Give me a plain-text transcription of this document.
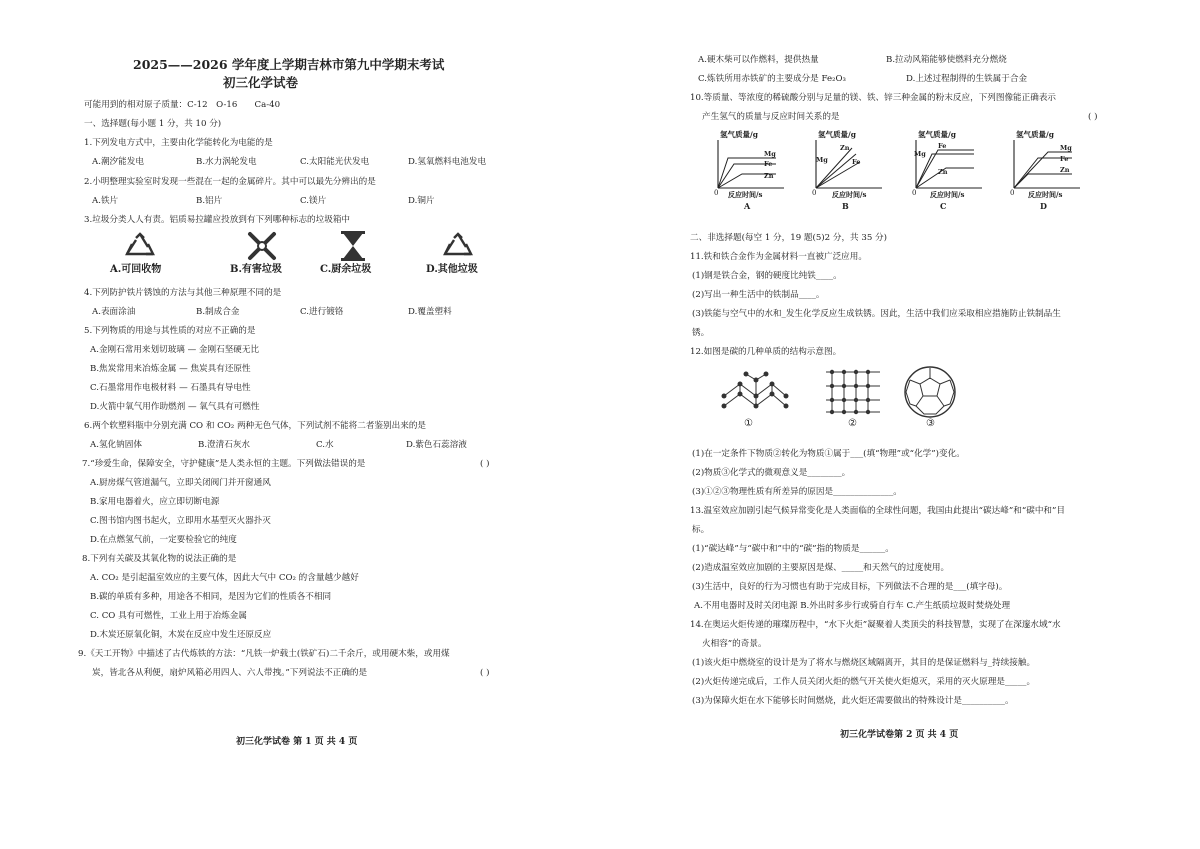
2025——2026 学年度上学期吉林市第九中学期末考试
初三化学试卷
可能用到的相对原子质量：C-12　O-16　　Ca-40
一、选择题(每小题 1 分，共 10 分)
1.下列发电方式中，主要由化学能转化为电能的是
A.潮汐能发电	B.水力涡轮发电	C.太阳能光伏发电	D.氢氧燃料电池发电
2.小明整理实验室时发现一些混在一起的金属碎片。其中可以最先分辨出的是
A.铁片	B.铝片	C.镁片	D.铜片
3.垃圾分类人人有责。铝质易拉罐应投放到有下列哪种标志的垃圾箱中
A.可回收物	B.有害垃圾	C.厨余垃圾	D.其他垃圾
4.下列防护铁片锈蚀的方法与其他三种原理不同的是
A.表面涂油	B.制成合金	C.进行镀铬	D.覆盖塑料
5.下列物质的用途与其性质的对应不正确的是
A.金刚石常用来划切玻璃 — 金刚石坚硬无比
B.焦炭常用来冶炼金属 — 焦炭具有还原性
C.石墨常用作电极材料 — 石墨具有导电性
D.火箭中氧气用作助燃剂 — 氧气具有可燃性
6.两个软塑料瓶中分别充满 CO 和 CO₂ 两种无色气体，下列试剂不能将二者鉴别出来的是
A.氢化钠固体	B.澄清石灰水	C.水	D.紫色石蕊溶液
7.“珍爱生命，保障安全，守护健康”是人类永恒的主题。下列做法错误的是	( )
A.厨房煤气管道漏气，立即关闭阀门并开窗通风
B.家用电器着火，应立即切断电源
C.图书馆内图书起火，立即用水基型灭火器扑灭
D.在点燃氢气前，一定要检验它的纯度
8.下列有关碳及其氧化物的说法正确的是
A. CO₂ 是引起温室效应的主要气体，因此大气中 CO₂ 的含量越少越好
B.碳的单质有多种，用途各不相同，是因为它们的性质各不相同
C. CO 具有可燃性，工业上用于冶炼金属
D.木炭还原氧化铜，木炭在反应中发生还原反应
9.《天工开物》中描述了古代炼铁的方法：“凡铁一炉载土(铁矿石)二千余斤，或用硬木柴，或用煤
炭，皆北各从利便，扇炉风箱必用四人、六人带拽。”下列说法不正确的是	( )
初三化学试卷 第 1 页 共 4 页
A.硬木柴可以作燃料，提供热量	B.拉动风箱能够使燃料充分燃烧
C.炼铁所用赤铁矿的主要成分是 Fe₂O₃	D.上述过程制得的生铁属于合金
10.等质量、等浓度的稀硫酸分别与足量的镁、铁、锌三种金属的粉末反应，下列图像能正确表示
产生氢气的质量与反应时间关系的是	( )
氢气质量/g
0
Mg
Fe
Zn
反应时间/s
A
氢气质量/g
0
Mg
Zn
Fe
反应时间/s
B
氢气质量/g
0
Mg
Fe
Zn
反应时间/s
C
氢气质量/g
0
Mg
Fe
Zn
反应时间/s
D
二、非选择题(每空 1 分，19 题(5)2 分，共 35 分)
11.铁和铁合金作为金属材料一直被广泛应用。
(1)钢是铁合金，钢的硬度比纯铁____。
(2)写出一种生活中的铁制品____。
(3)铁能与空气中的水和_发生化学反应生成铁锈。因此，生活中我们应采取相应措施防止铁制品生
锈。
12.如图是碳的几种单质的结构示意图。
①	②	③
(1)在一定条件下物质②转化为物质①属于___(填“物理”或“化学”)变化。
(2)物质③化学式的微观意义是________。
(3)①②③物理性质有所差异的原因是______________。
13.温室效应加剧引起气候异常变化是人类面临的全球性问题，我国由此提出“碳达峰”和“碳中和”目
标。
(1)“碳达峰”与“碳中和”中的“碳”指的物质是______。
(2)造成温室效应加剧的主要原因是煤、_____和天然气的过度使用。
(3)生活中，良好的行为习惯也有助于完成目标，下列做法不合理的是___(填字母)。
A.不用电器时及时关闭电源 B.外出时多步行或骑自行车 C.产生纸质垃圾时焚烧处理
14.在奥运火炬传递的璀璨历程中，“水下火炬”凝聚着人类顶尖的科技智慧，实现了在深邃水域“水
火相容”的奇景。
(1)该火炬中燃烧室的设计是为了将水与燃烧区域隔离开，其目的是保证燃料与_持续接触。
(2)火炬传递完成后，工作人员关闭火炬的燃气开关使火炬熄灭，采用的灭火原理是_____。
(3)为保障火炬在水下能够长时间燃烧，此火炬还需要做出的特殊设计是__________。
初三化学试卷第 2 页 共 4 页
